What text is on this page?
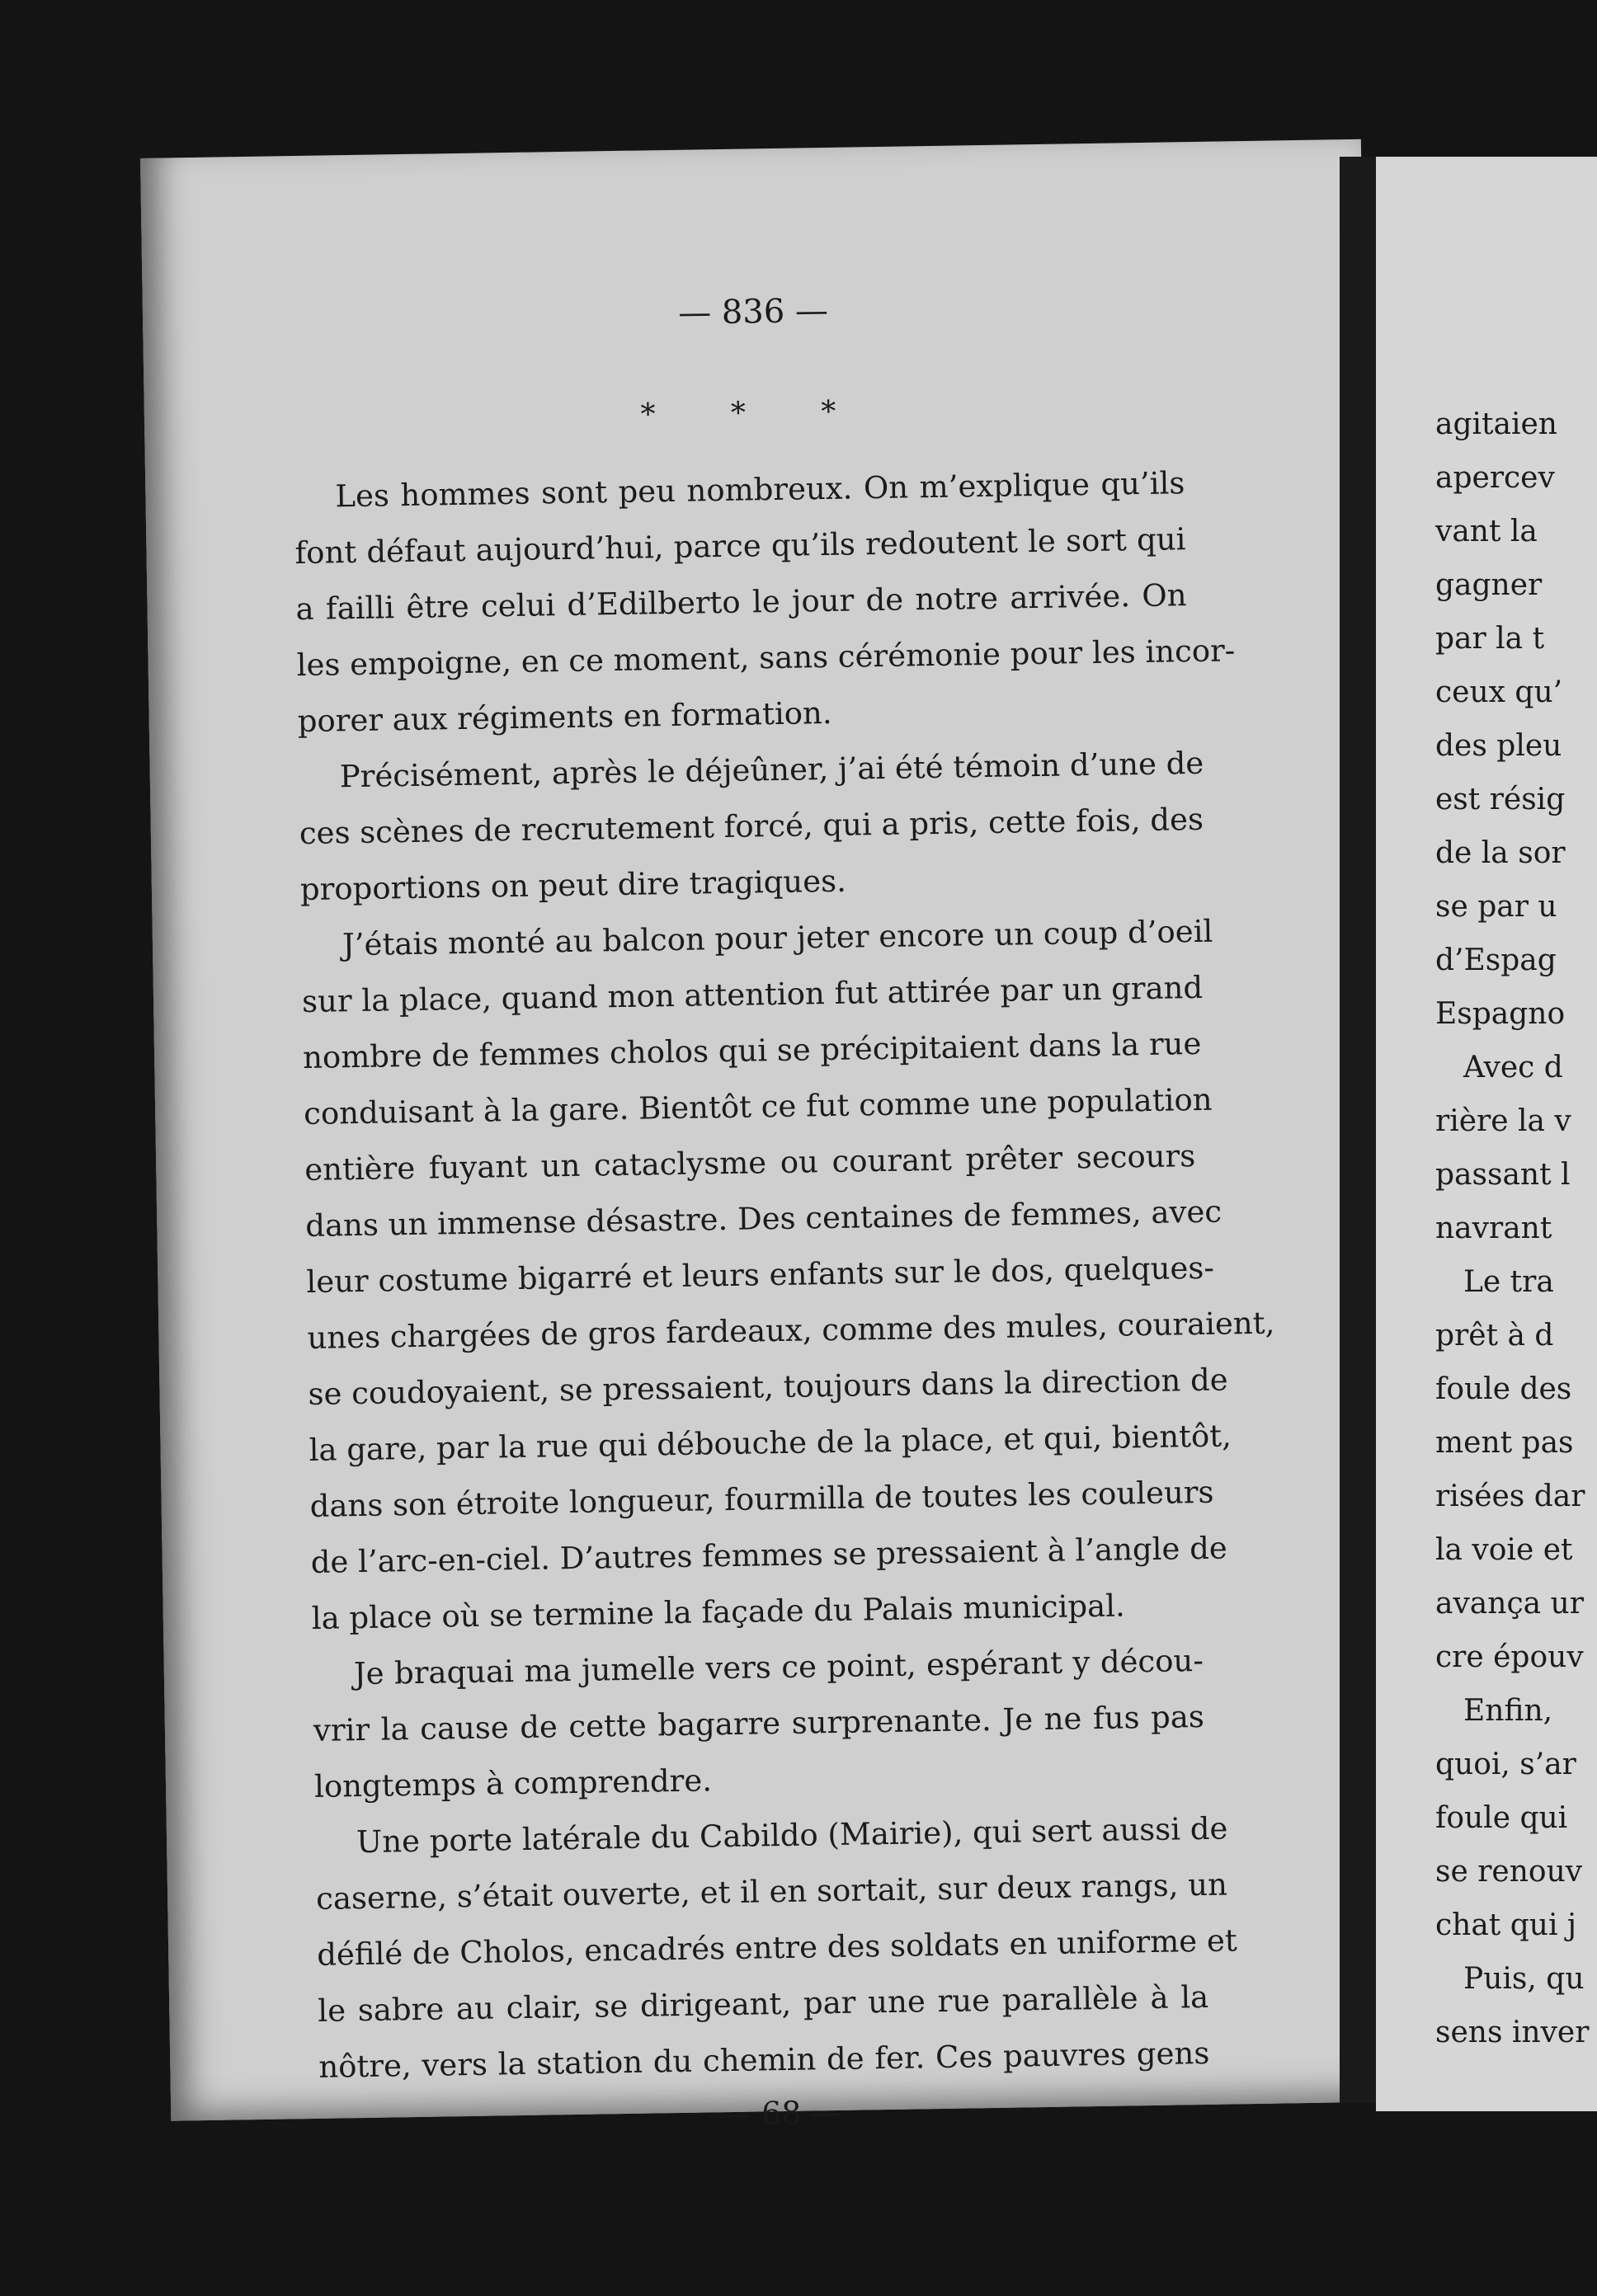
— 836 —
* * *

Les hommes sont peu nombreux. On m’explique qu’ils
font défaut aujourd’hui, parce qu’ils redoutent le sort qui
a failli être celui d’Edilberto le jour de notre arrivée. On
les empoigne, en ce moment, sans cérémonie pour les incor-
porer aux régiments en formation.
Précisément, après le déjeûner, j’ai été témoin d’une de
ces scènes de recrutement forcé, qui a pris, cette fois, des
proportions on peut dire tragiques.
J’étais monté au balcon pour jeter encore un coup d’oeil
sur la place, quand mon attention fut attirée par un grand
nombre de femmes cholos qui se précipitaient dans la rue
conduisant à la gare. Bientôt ce fut comme une population
entière fuyant un cataclysme ou courant prêter secours
dans un immense désastre. Des centaines de femmes, avec
leur costume bigarré et leurs enfants sur le dos, quelques-
unes chargées de gros fardeaux, comme des mules, couraient,
se coudoyaient, se pressaient, toujours dans la direction de
la gare, par la rue qui débouche de la place, et qui, bientôt,
dans son étroite longueur, fourmilla de toutes les couleurs
de l’arc-en-ciel. D’autres femmes se pressaient à l’angle de
la place où se termine la façade du Palais municipal.
Je braquai ma jumelle vers ce point, espérant y décou-
vrir la cause de cette bagarre surprenante. Je ne fus pas
longtemps à comprendre.
Une porte latérale du Cabildo (Mairie), qui sert aussi de
caserne, s’était ouverte, et il en sortait, sur deux rangs, un
défilé de Cholos, encadrés entre des soldats en uniforme et
le sabre au clair, se dirigeant, par une rue parallèle à la
nôtre, vers la station du chemin de fer. Ces pauvres gens

— 68 —
agitaien
apercev
vant la
gagner
par la t
ceux qu’
des pleu
est résig
de la sor
se par u
d’Espag
Espagno
Avec d
rière la v
passant l
navrant
Le tra
prêt à d
foule des
ment pas
risées dar
la voie et
avança ur
cre épouv
Enfin,
quoi, s’ar
foule qui
se renouv
chat qui j
Puis, qu
sens inver
